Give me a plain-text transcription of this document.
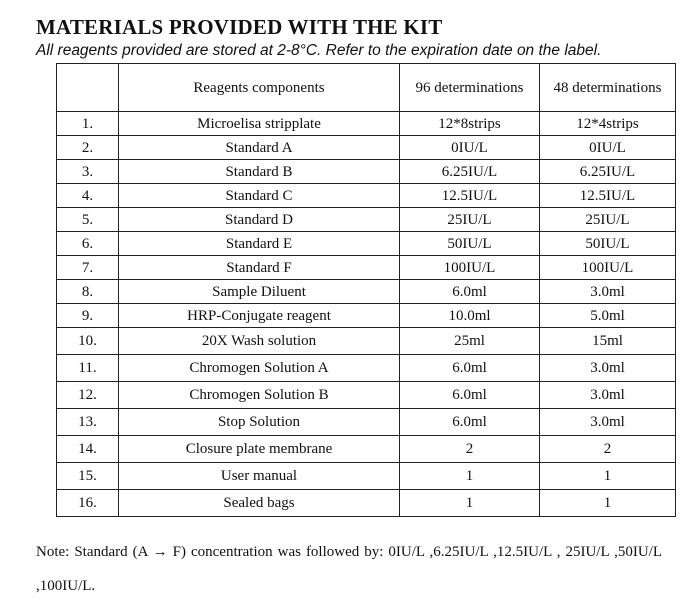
MATERIALS PROVIDED WITH THE KIT
All reagents provided are stored at 2-8°C. Refer to the expiration date on the label.
	Reagents components	96 determinations	48 determinations
1.	Microelisa stripplate	12*8strips	12*4strips
2.	Standard A	0IU/L	0IU/L
3.	Standard B	6.25IU/L	6.25IU/L
4.	Standard C	12.5IU/L	12.5IU/L
5.	Standard D	25IU/L	25IU/L
6.	Standard E	50IU/L	50IU/L
7.	Standard F	100IU/L	100IU/L
8.	Sample Diluent	6.0ml	3.0ml
9.	HRP-Conjugate reagent	10.0ml	5.0ml
10.	20X Wash solution	25ml	15ml
11.	Chromogen Solution A	6.0ml	3.0ml
12.	Chromogen Solution B	6.0ml	3.0ml
13.	Stop Solution	6.0ml	3.0ml
14.	Closure plate membrane	2	2
15.	User manual	1	1
16.	Sealed bags	1	1
Note: Standard (A → F) concentration was followed by: 0IU/L ,6.25IU/L ,12.5IU/L , 25IU/L ,50IU/L ,100IU/L.
